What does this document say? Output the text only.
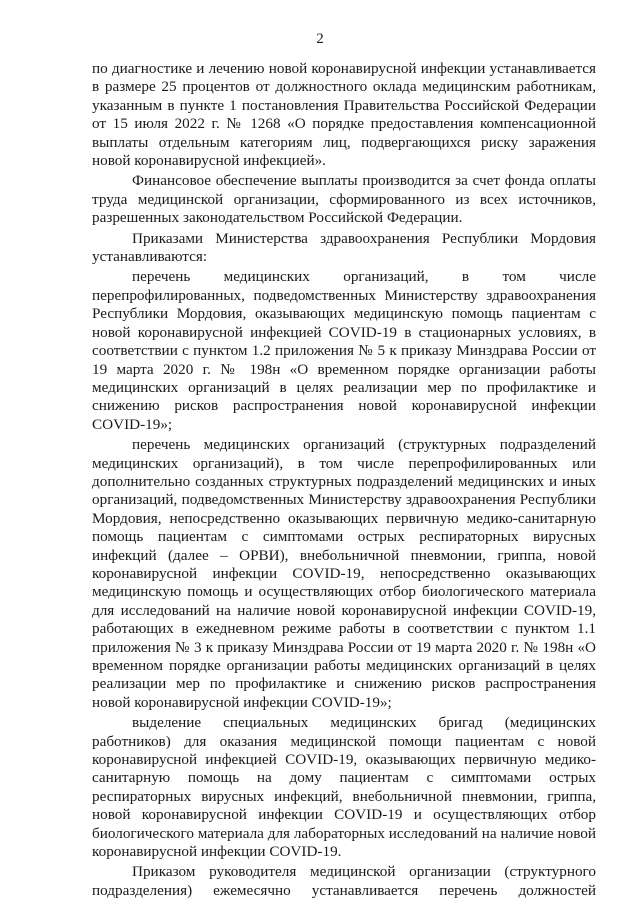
2

по диагностике и лечению новой коронавирусной инфекции устанавливается в размере 25 процентов от должностного оклада медицинским работникам, указанным в пункте 1 постановления Правительства Российской Федерации от 15 июля 2022 г. № 1268 «О порядке предоставления компенсационной выплаты отдельным категориям лиц, подвергающихся риску заражения новой коронавирусной инфекцией».

Финансовое обеспечение выплаты производится за счет фонда оплаты труда медицинской организации, сформированного из всех источников, разрешенных законодательством Российской Федерации.

Приказами Министерства здравоохранения Республики Мордовия устанавливаются:

перечень медицинских организаций, в том числе перепрофилированных, подведомственных Министерству здравоохранения Республики Мордовия, оказывающих медицинскую помощь пациентам с новой коронавирусной инфекцией COVID-19 в стационарных условиях, в соответствии с пунктом 1.2 приложения № 5 к приказу Минздрава России от 19 марта 2020 г. № 198н «О временном порядке организации работы медицинских организаций в целях реализации мер по профилактике и снижению рисков распространения новой коронавирусной инфекции COVID-19»;

перечень медицинских организаций (структурных подразделений медицинских организаций), в том числе перепрофилированных или дополнительно созданных структурных подразделений медицинских и иных организаций, подведомственных Министерству здравоохранения Республики Мордовия, непосредственно оказывающих первичную медико-санитарную помощь пациентам с симптомами острых респираторных вирусных инфекций (далее – ОРВИ), внебольничной пневмонии, гриппа, новой коронавирусной инфекции COVID-19, непосредственно оказывающих медицинскую помощь и осуществляющих отбор биологического материала для исследований на наличие новой коронавирусной инфекции COVID-19, работающих в ежедневном режиме работы в соответствии с пунктом 1.1 приложения № 3 к приказу Минздрава России от 19 марта 2020 г. № 198н «О временном порядке организации работы медицинских организаций в целях реализации мер по профилактике и снижению рисков распространения новой коронавирусной инфекции COVID-19»;

выделение специальных медицинских бригад (медицинских работников) для оказания медицинской помощи пациентам с новой коронавирусной инфекцией COVID-19, оказывающих первичную медико-санитарную помощь на дому пациентам с симптомами острых респираторных вирусных инфекций, внебольничной пневмонии, гриппа, новой коронавирусной инфекции COVID-19 и осуществляющих отбор биологического материала для лабораторных исследований на наличие новой коронавирусной инфекции COVID-19.

Приказом руководителя медицинской организации (структурного подразделения) ежемесячно устанавливается перечень должностей
